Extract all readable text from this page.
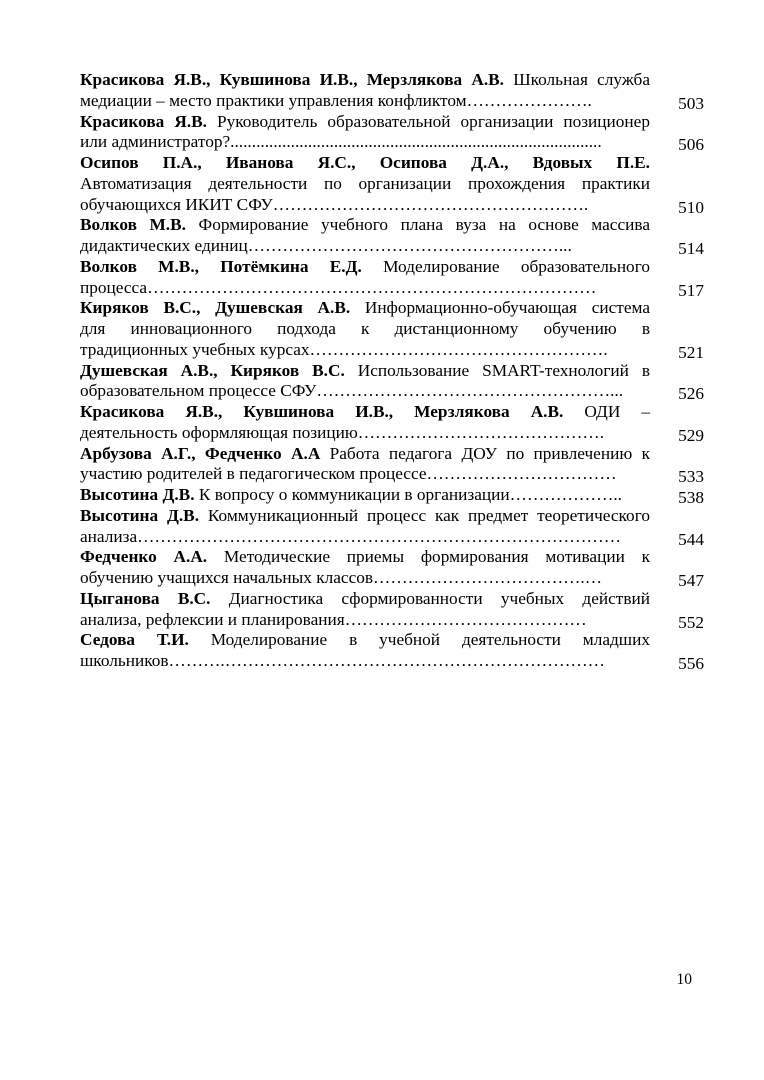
Красикова Я.В., Кувшинова И.В., Мерзлякова А.В. Школьная служба
медиации – место практики управления конфликтом………………….	503
Красикова Я.В. Руководитель образовательной организации позиционер
или администратор?......................................................................................	506
Осипов П.А., Иванова Я.С., Осипова Д.А., Вдовых П.Е.
Автоматизация деятельности по организации прохождения практики
обучающихся ИКИТ СФУ……………………………………………….	510
Волков М.В. Формирование учебного плана вуза на основе массива
дидактических единиц………………………………………………...	514
Волков М.В., Потёмкина Е.Д. Моделирование образовательного
процесса……………………………………………………………………	517
Киряков В.С., Душевская А.В. Информационно-обучающая система
для инновационного подхода к дистанционному обучению в
традиционных учебных курсах…………………………………………….	521
Душевская А.В., Киряков В.С. Использование SMART-технологий в
образовательном процессе СФУ……………………………………………...	526
Красикова Я.В., Кувшинова И.В., Мерзлякова А.В. ОДИ –
деятельность оформляющая позицию…………………………………….	529
Арбузова А.Г., Федченко А.А Работа педагога ДОУ по привлечению к
участию родителей в педагогическом процессе……………………………	533
Высотина Д.В. К вопросу о коммуникации в организации………………..	538
Высотина Д.В. Коммуникационный процесс как предмет теоретического
анализа…………………………………………………………………………	544
Федченко А.А. Методические приемы формирования мотивации к
обучению учащихся начальных классов……………………………….…	547
Цыганова В.С. Диагностика сформированности учебных действий
анализа, рефлексии и планирования……………………………………	552
Седова Т.И. Моделирование в учебной деятельности младших
школьников……….…………………………………………………………	556
10
